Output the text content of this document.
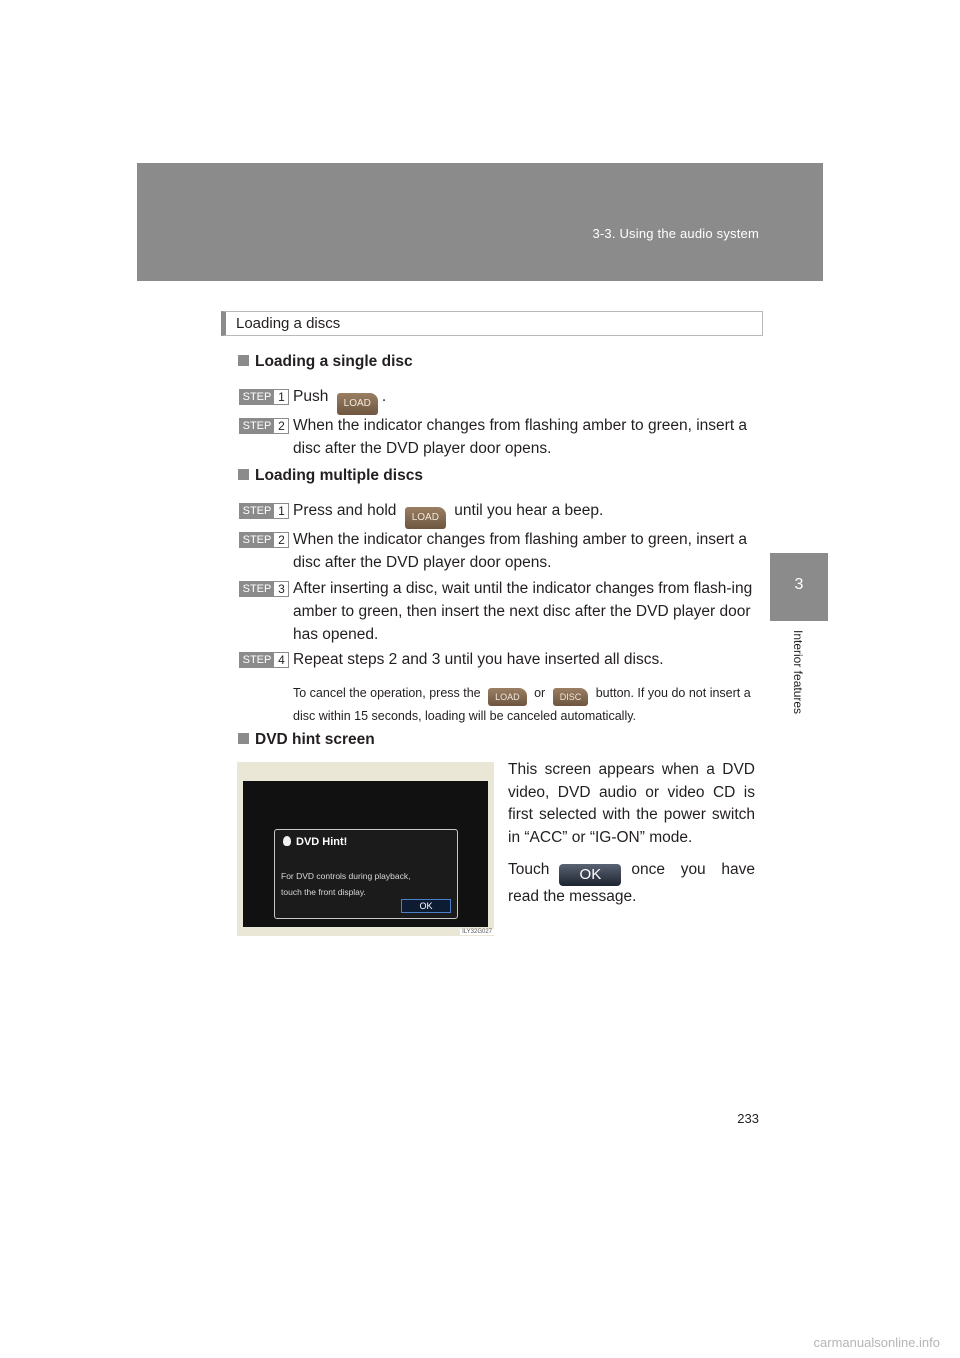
3-3. Using the audio system
3
Interior features
Loading a discs
Loading a single disc
STEP 1 Push LOAD .
STEP 2 When the indicator changes from flashing amber to green, insert a disc after the DVD player door opens.
Loading multiple discs
STEP 1 Press and hold LOAD until you hear a beep.
STEP 2 When the indicator changes from flashing amber to green, insert a disc after the DVD player door opens.
STEP 3 After inserting a disc, wait until the indicator changes from flash-ing amber to green, then insert the next disc after the DVD player door has opened.
STEP 4 Repeat steps 2 and 3 until you have inserted all discs.
To cancel the operation, press the LOAD or DISC button. If you do not insert a disc within 15 seconds, loading will be canceled automatically.
DVD hint screen
DVD Hint!
For DVD controls during playback,
touch the front display.
OK
ILY32G027
This screen appears when a DVD video, DVD audio or video CD is first selected with the power switch in “ACC” or “IG-ON” mode.
Touch OK once you have read the message.
233
carmanualsonline.info
